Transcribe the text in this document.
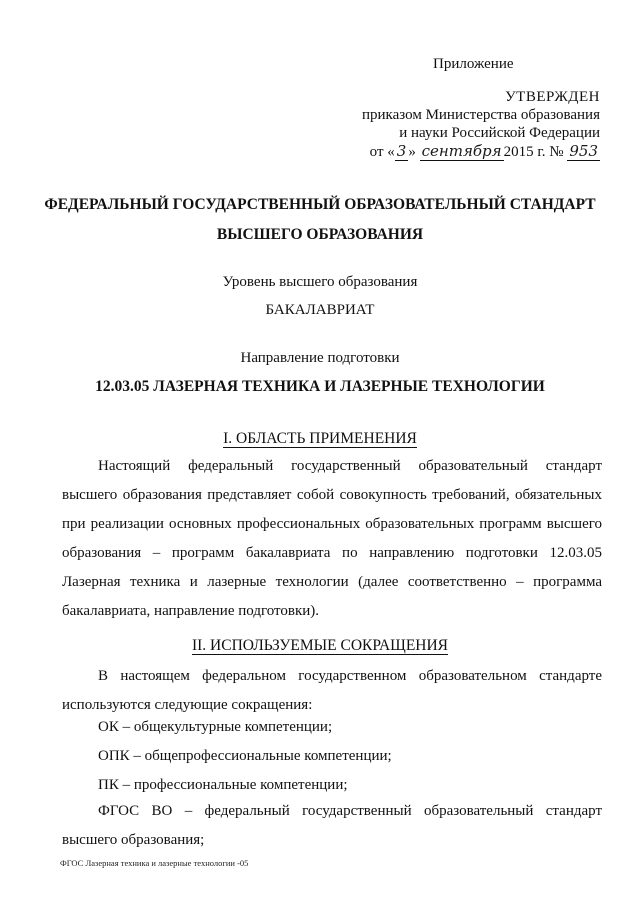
Приложение
УТВЕРЖДЕН
приказом Министерства образования
и науки Российской Федерации
от « 3 » сентября 2015 г. № 953
ФЕДЕРАЛЬНЫЙ ГОСУДАРСТВЕННЫЙ ОБРАЗОВАТЕЛЬНЫЙ СТАНДАРТ
ВЫСШЕГО ОБРАЗОВАНИЯ
Уровень высшего образования
БАКАЛАВРИАТ
Направление подготовки
12.03.05 ЛАЗЕРНАЯ ТЕХНИКА И ЛАЗЕРНЫЕ ТЕХНОЛОГИИ
I. ОБЛАСТЬ ПРИМЕНЕНИЯ
Настоящий федеральный государственный образовательный стандарт высшего образования представляет собой совокупность требований, обязательных при реализации основных профессиональных образовательных программ высшего образования – программ бакалавриата по направлению подготовки 12.03.05 Лазерная техника и лазерные технологии (далее соответственно – программа бакалавриата, направление подготовки).
II. ИСПОЛЬЗУЕМЫЕ СОКРАЩЕНИЯ
В настоящем федеральном государственном образовательном стандарте используются следующие сокращения:
ОК – общекультурные компетенции;
ОПК – общепрофессиональные компетенции;
ПК – профессиональные компетенции;
ФГОС ВО – федеральный государственный образовательный стандарт высшего образования;
ФГОС Лазерная техника и лазерные технологии -05
